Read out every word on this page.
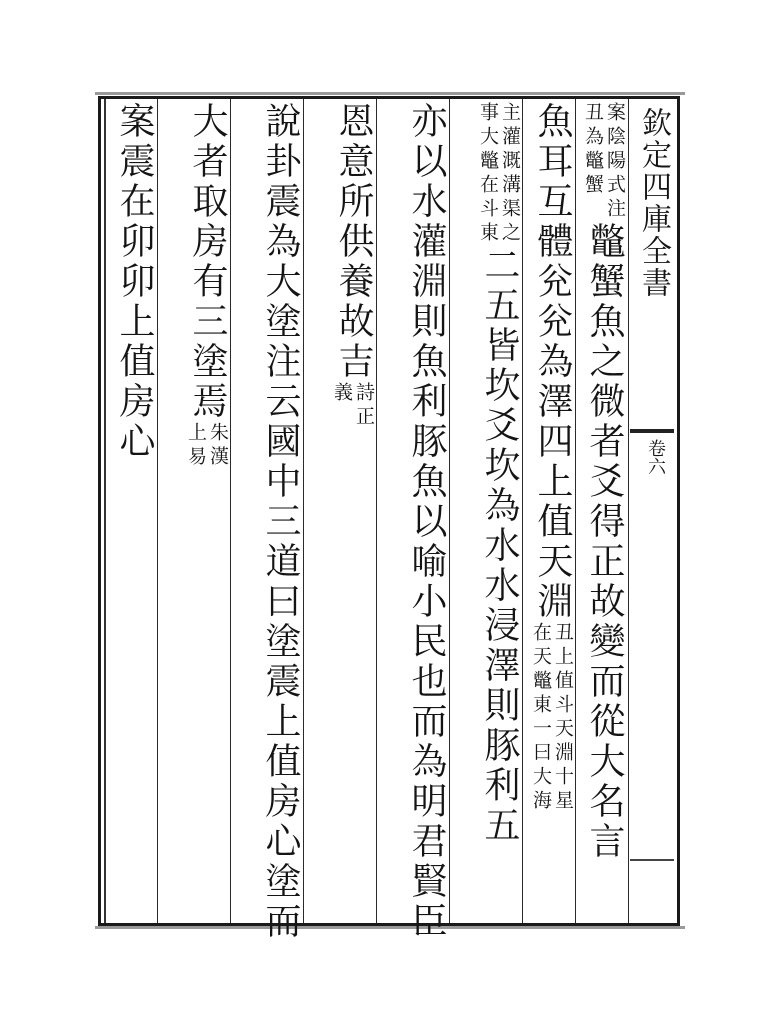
欽定四庫全書
卷六
案陰陽式注
丑為鼈蟹
鼈蟹魚之微者爻得正故變而從大名言
魚耳互體兊兊為澤四上值天淵
丑上值斗天淵十星
在天鼈東一曰大海
主灌溉溝渠之
事大鼈在斗東
二五皆坎爻坎為水水浸澤則豚利五
亦以水灌淵則魚利豚魚以喻小民也而為明君賢臣
恩意所供養故吉
詩正
義
說卦震為大塗注云國中三道曰塗震上值房心塗而
大者取房有三塗焉
朱漢
上易
案震在卯卯上值房心
